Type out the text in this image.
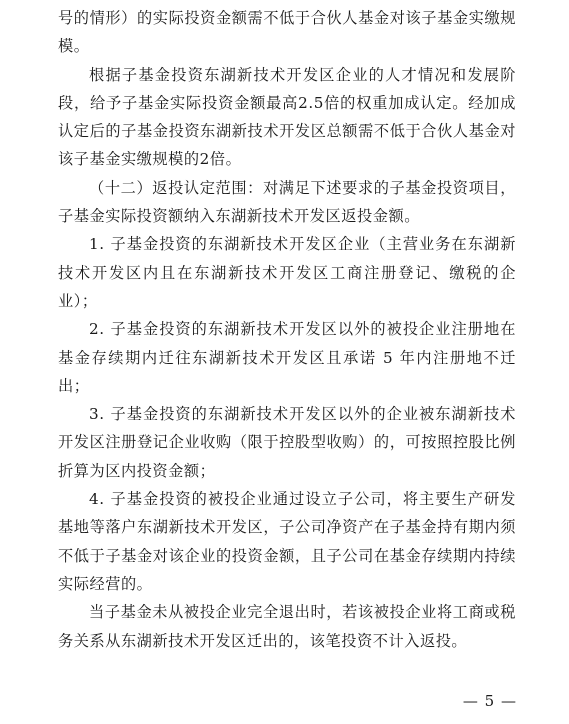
号的情形）的实际投资金额需不低于合伙人基金对该子基金实缴规模。

根据子基金投资东湖新技术开发区企业的人才情况和发展阶段，给予子基金实际投资金额最高2.5倍的权重加成认定。经加成认定后的子基金投资东湖新技术开发区总额需不低于合伙人基金对该子基金实缴规模的2倍。

（十二）返投认定范围：对满足下述要求的子基金投资项目，子基金实际投资额纳入东湖新技术开发区返投金额。

1. 子基金投资的东湖新技术开发区企业（主营业务在东湖新技术开发区内且在东湖新技术开发区工商注册登记、缴税的企业）；

2. 子基金投资的东湖新技术开发区以外的被投企业注册地在基金存续期内迁往东湖新技术开发区且承诺 5 年内注册地不迁出；

3. 子基金投资的东湖新技术开发区以外的企业被东湖新技术开发区注册登记企业收购（限于控股型收购）的，可按照控股比例折算为区内投资金额；

4. 子基金投资的被投企业通过设立子公司，将主要生产研发基地等落户东湖新技术开发区，子公司净资产在子基金持有期内须不低于子基金对该企业的投资金额，且子公司在基金存续期内持续实际经营的。

当子基金未从被投企业完全退出时，若该被投企业将工商或税务关系从东湖新技术开发区迁出的，该笔投资不计入返投。

— 5 —
